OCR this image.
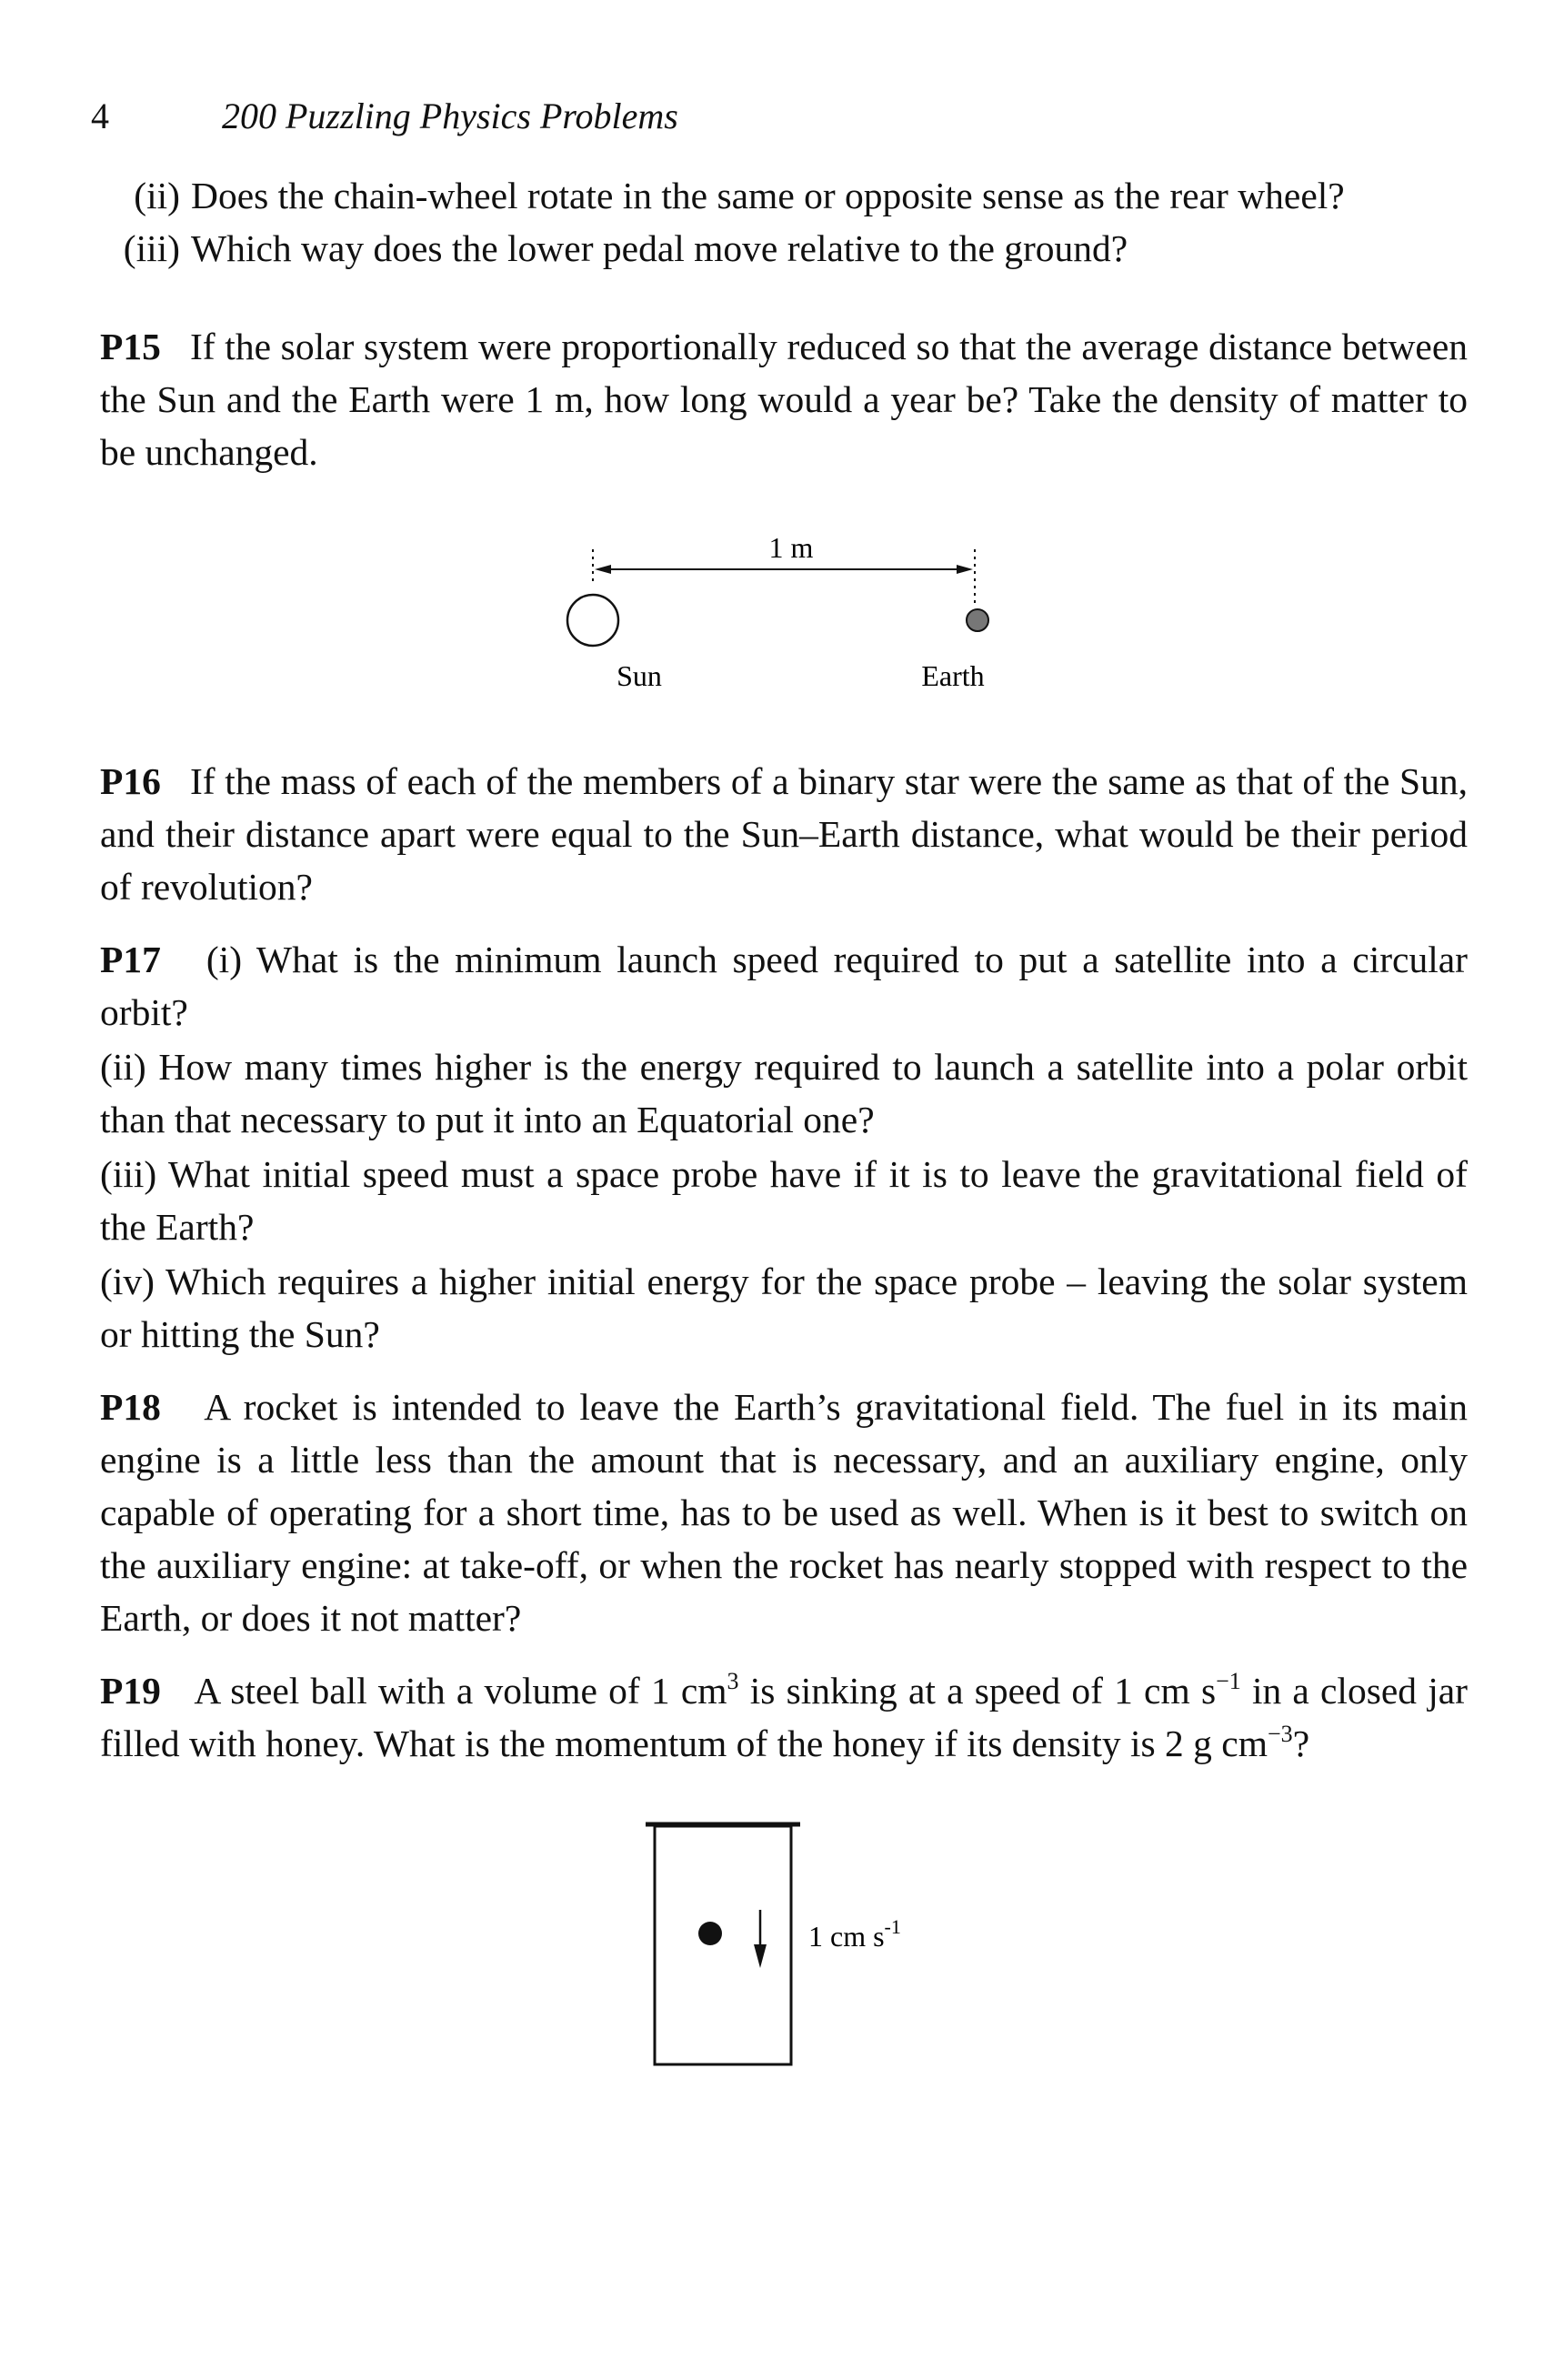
4	200 Puzzling Physics Problems
(ii) Does the chain-wheel rotate in the same or opposite sense as the rear wheel?
(iii) Which way does the lower pedal move relative to the ground?

P15 If the solar system were proportionally reduced so that the average distance between the Sun and the Earth were 1 m, how long would a year be? Take the density of matter to be unchanged.

1 m
Sun	Earth

P16 If the mass of each of the members of a binary star were the same as that of the Sun, and their distance apart were equal to the Sun–Earth distance, what would be their period of revolution?

P17 (i) What is the minimum launch speed required to put a satellite into a circular orbit?

(ii) How many times higher is the energy required to launch a satellite into a polar orbit than that necessary to put it into an Equatorial one?

(iii) What initial speed must a space probe have if it is to leave the gravitational field of the Earth?

(iv) Which requires a higher initial energy for the space probe – leaving the solar system or hitting the Sun?

P18 A rocket is intended to leave the Earth’s gravitational field. The fuel in its main engine is a little less than the amount that is necessary, and an auxiliary engine, only capable of operating for a short time, has to be used as well. When is it best to switch on the auxiliary engine: at take-off, or when the rocket has nearly stopped with respect to the Earth, or does it not matter?

P19 A steel ball with a volume of 1 $cm^3$ is sinking at a speed of 1 cm $s^{-1}$ in a closed jar filled with honey. What is the momentum of the honey if its density is 2 g $cm^{-3}$?

1 cm $s^{-1}$
